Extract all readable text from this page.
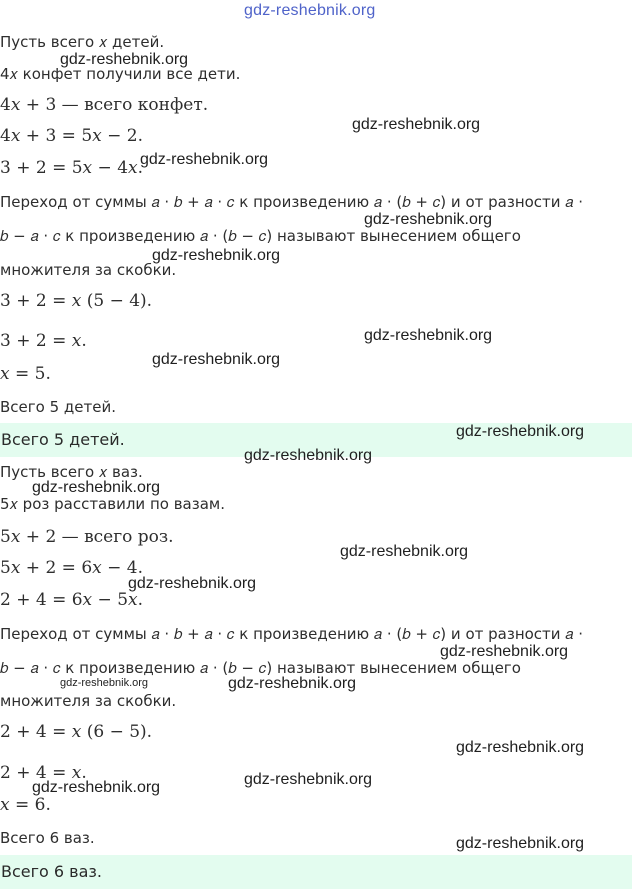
gdz-reshebnik.org
Пусть всего 𝑥 детей.
4𝑥 конфет получили все дети.
4𝑥 + 3 — всего конфет.
4𝑥 + 3 = 5𝑥 − 2.
3 + 2 = 5𝑥 − 4𝑥.
Переход от суммы 𝑎 · 𝑏 + 𝑎 · 𝑐 к произведению 𝑎 · (𝑏 + 𝑐) и от разности 𝑎 ·
𝑏 − 𝑎 · 𝑐 к произведению 𝑎 · (𝑏 − 𝑐) называют вынесением общего
множителя за скобки.
3 + 2 = 𝑥 (5 − 4).
3 + 2 = 𝑥.
𝑥 = 5.
Всего 5 детей.
Всего 5 детей.
Пусть всего 𝑥 ваз.
5𝑥 роз расставили по вазам.
5𝑥 + 2 — всего роз.
5𝑥 + 2 = 6𝑥 − 4.
2 + 4 = 6𝑥 − 5𝑥.
Переход от суммы 𝑎 · 𝑏 + 𝑎 · 𝑐 к произведению 𝑎 · (𝑏 + 𝑐) и от разности 𝑎 ·
𝑏 − 𝑎 · 𝑐 к произведению 𝑎 · (𝑏 − 𝑐) называют вынесением общего
множителя за скобки.
2 + 4 = 𝑥 (6 − 5).
2 + 4 = 𝑥.
𝑥 = 6.
Всего 6 ваз.
Всего 6 ваз.
gdz-reshebnik.org
gdz-reshebnik.org
gdz-reshebnik.org
gdz-reshebnik.org
gdz-reshebnik.org
gdz-reshebnik.org
gdz-reshebnik.org
gdz-reshebnik.org
gdz-reshebnik.org
gdz-reshebnik.org
gdz-reshebnik.org
gdz-reshebnik.org
gdz-reshebnik.org
gdz-reshebnik.org	gdz-reshebnik.org
gdz-reshebnik.org
gdz-reshebnik.org
gdz-reshebnik.org
gdz-reshebnik.org
